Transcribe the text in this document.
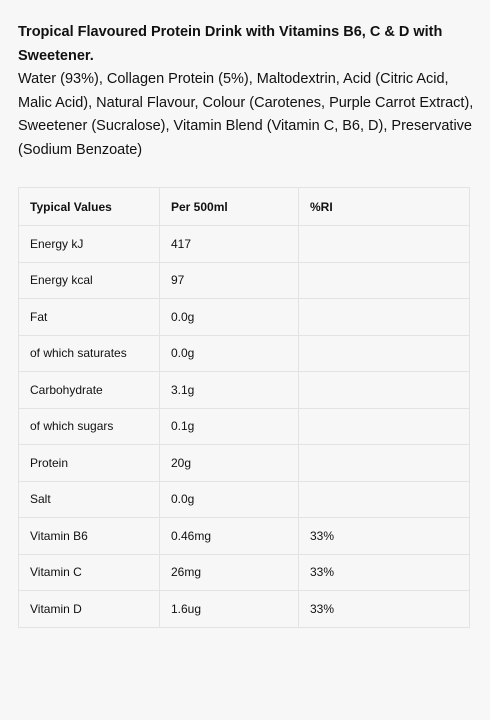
Tropical Flavoured Protein Drink with Vitamins B6, C & D with Sweetener.

Water (93%), Collagen Protein (5%), Maltodextrin, Acid (Citric Acid, Malic Acid), Natural Flavour, Colour (Carotenes, Purple Carrot Extract), Sweetener (Sucralose), Vitamin Blend (Vitamin C, B6, D), Preservative (Sodium Benzoate)

Typical Values	Per 500ml	%RI
Energy kJ	417	
Energy kcal	97	
Fat	0.0g	
of which saturates	0.0g	
Carbohydrate	3.1g	
of which sugars	0.1g	
Protein	20g	
Salt	0.0g	
Vitamin B6	0.46mg	33%
Vitamin C	26mg	33%
Vitamin D	1.6ug	33%
